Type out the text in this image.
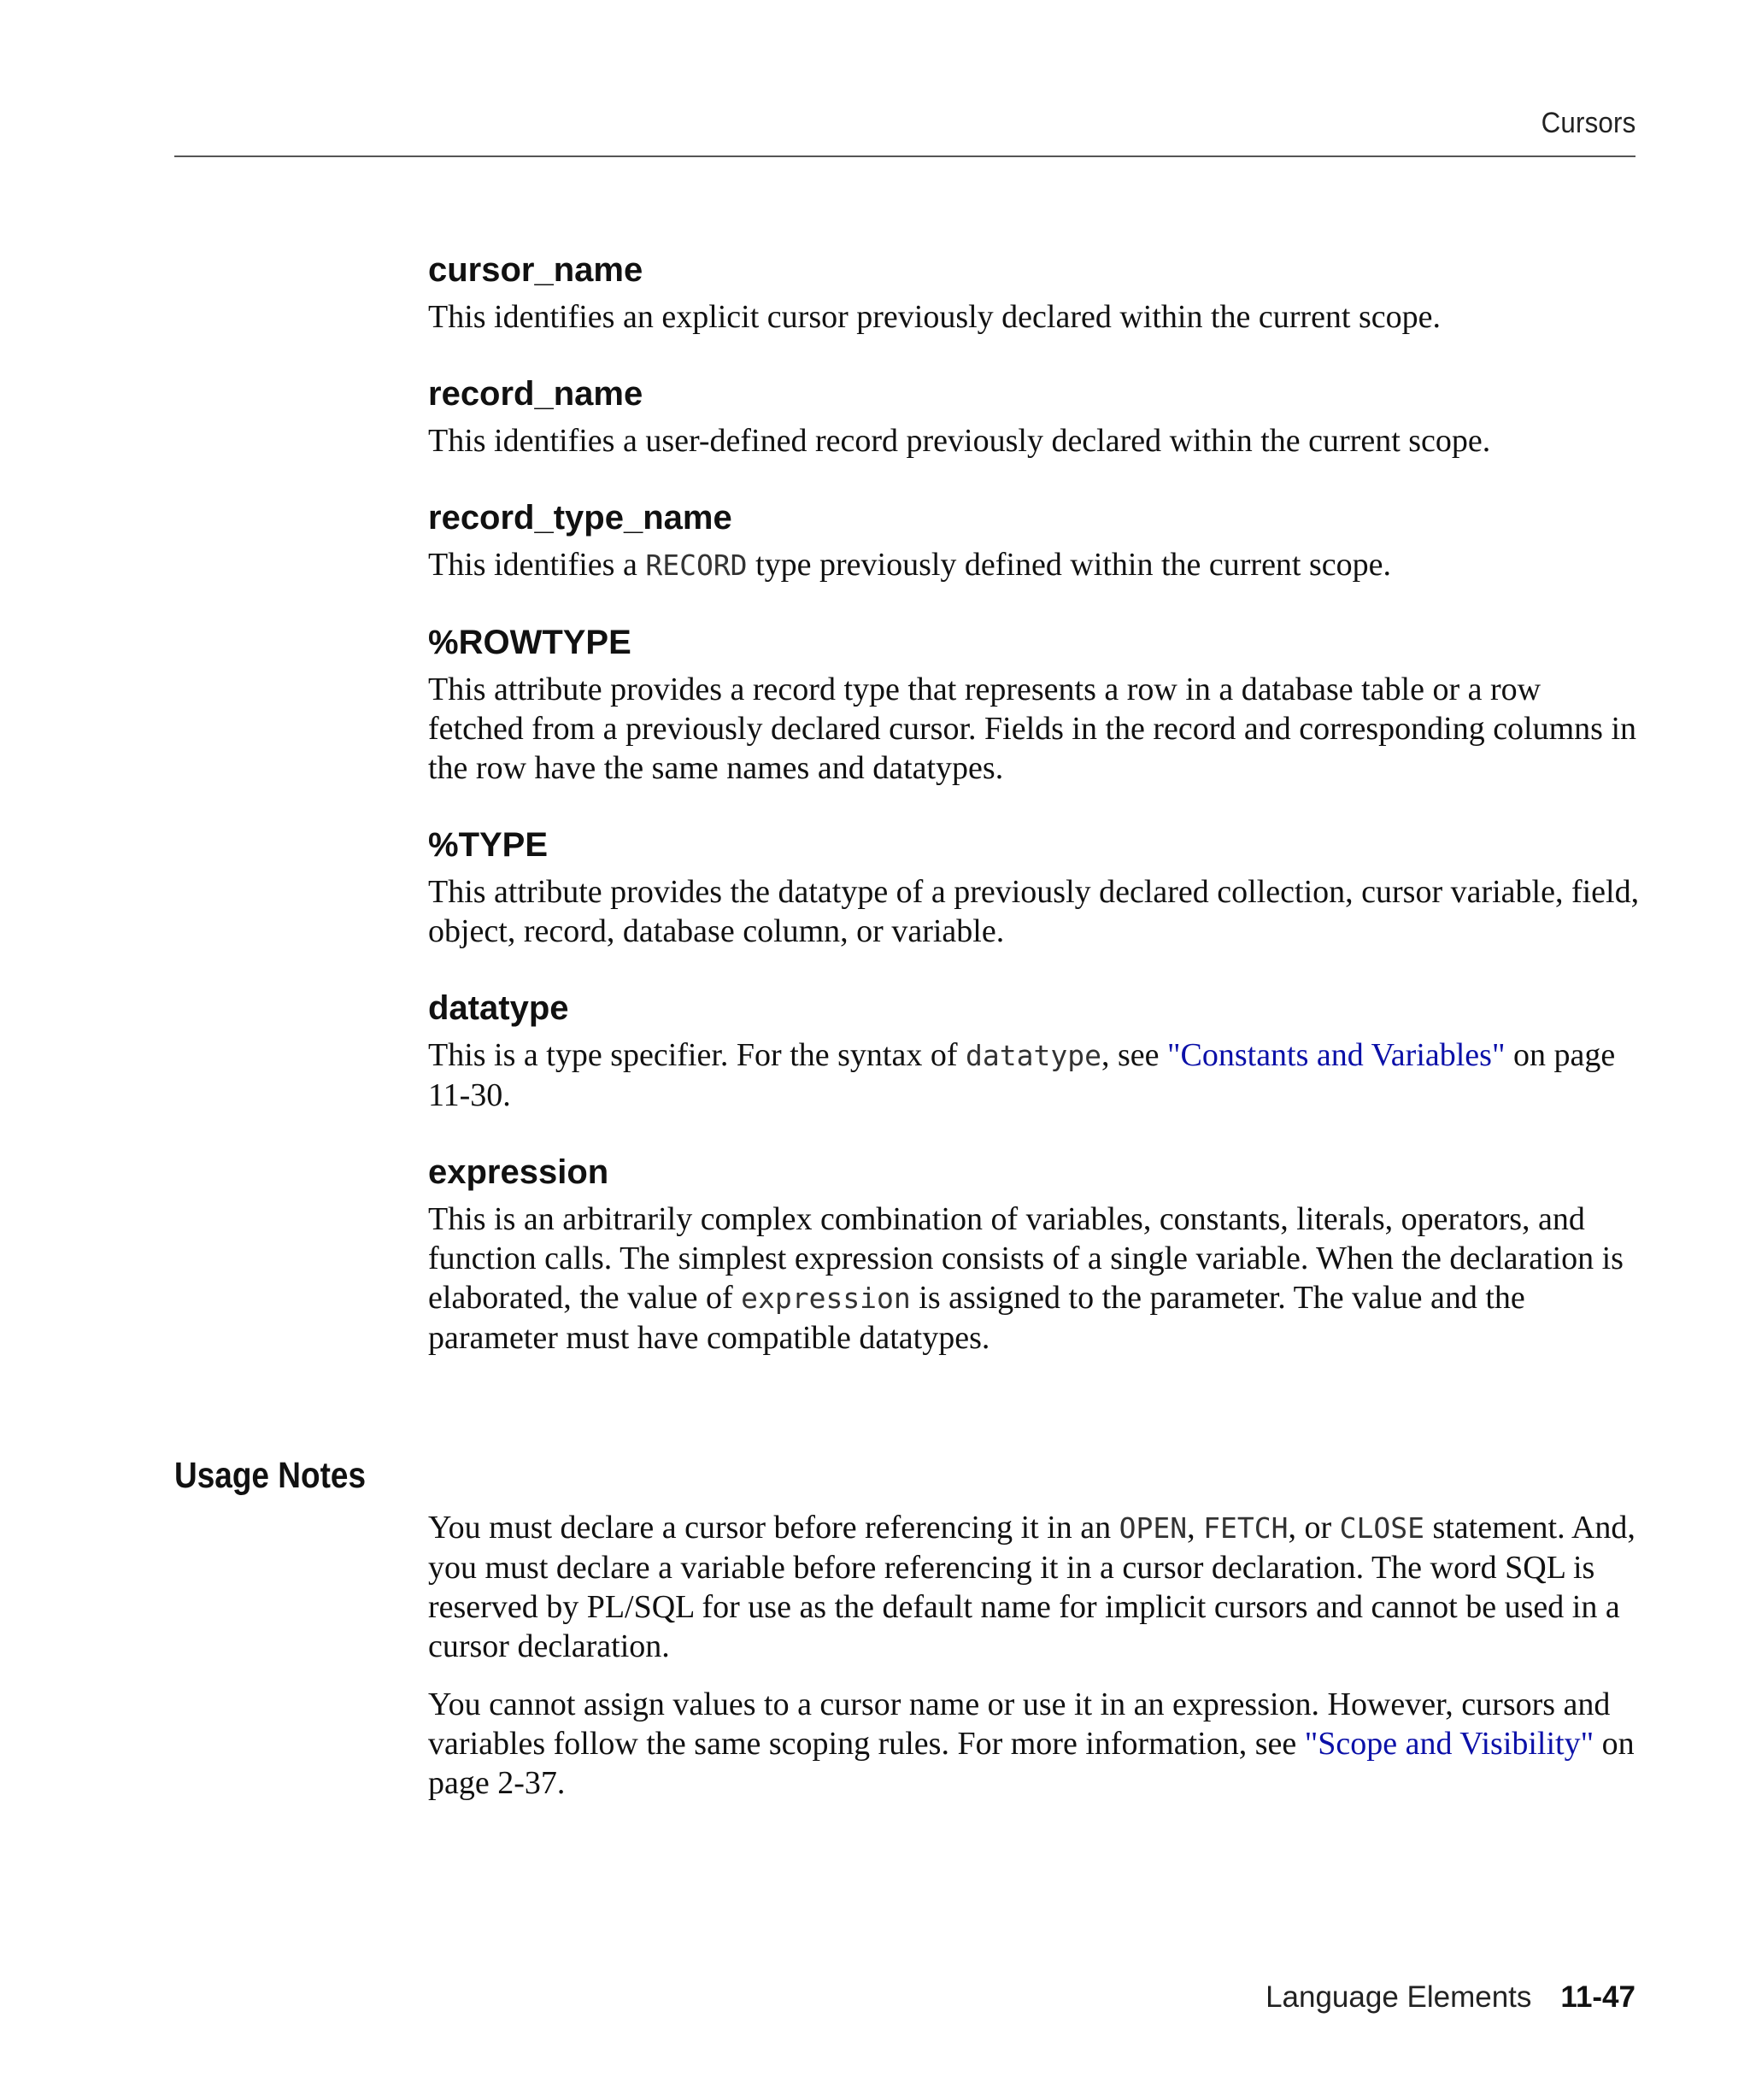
Cursors
cursor_name

This identifies an explicit cursor previously declared within the current scope.

record_name

This identifies a user-defined record previously declared within the current scope.

record_type_name

This identifies a RECORD type previously defined within the current scope.

%ROWTYPE

This attribute provides a record type that represents a row in a database table or a row fetched from a previously declared cursor. Fields in the record and corresponding columns in the row have the same names and datatypes.

%TYPE

This attribute provides the datatype of a previously declared collection, cursor variable, field, object, record, database column, or variable.

datatype

This is a type specifier. For the syntax of datatype, see "Constants and Variables" on page 11-30.

expression

This is an arbitrarily complex combination of variables, constants, literals, operators, and function calls. The simplest expression consists of a single variable. When the declaration is elaborated, the value of expression is assigned to the parameter. The value and the parameter must have compatible datatypes.

Usage Notes

You must declare a cursor before referencing it in an OPEN, FETCH, or CLOSE statement. And, you must declare a variable before referencing it in a cursor declaration. The word SQL is reserved by PL/SQL for use as the default name for implicit cursors and cannot be used in a cursor declaration.

You cannot assign values to a cursor name or use it in an expression. However, cursors and variables follow the same scoping rules. For more information, see "Scope and Visibility" on page 2-37.

Language Elements 11-47
